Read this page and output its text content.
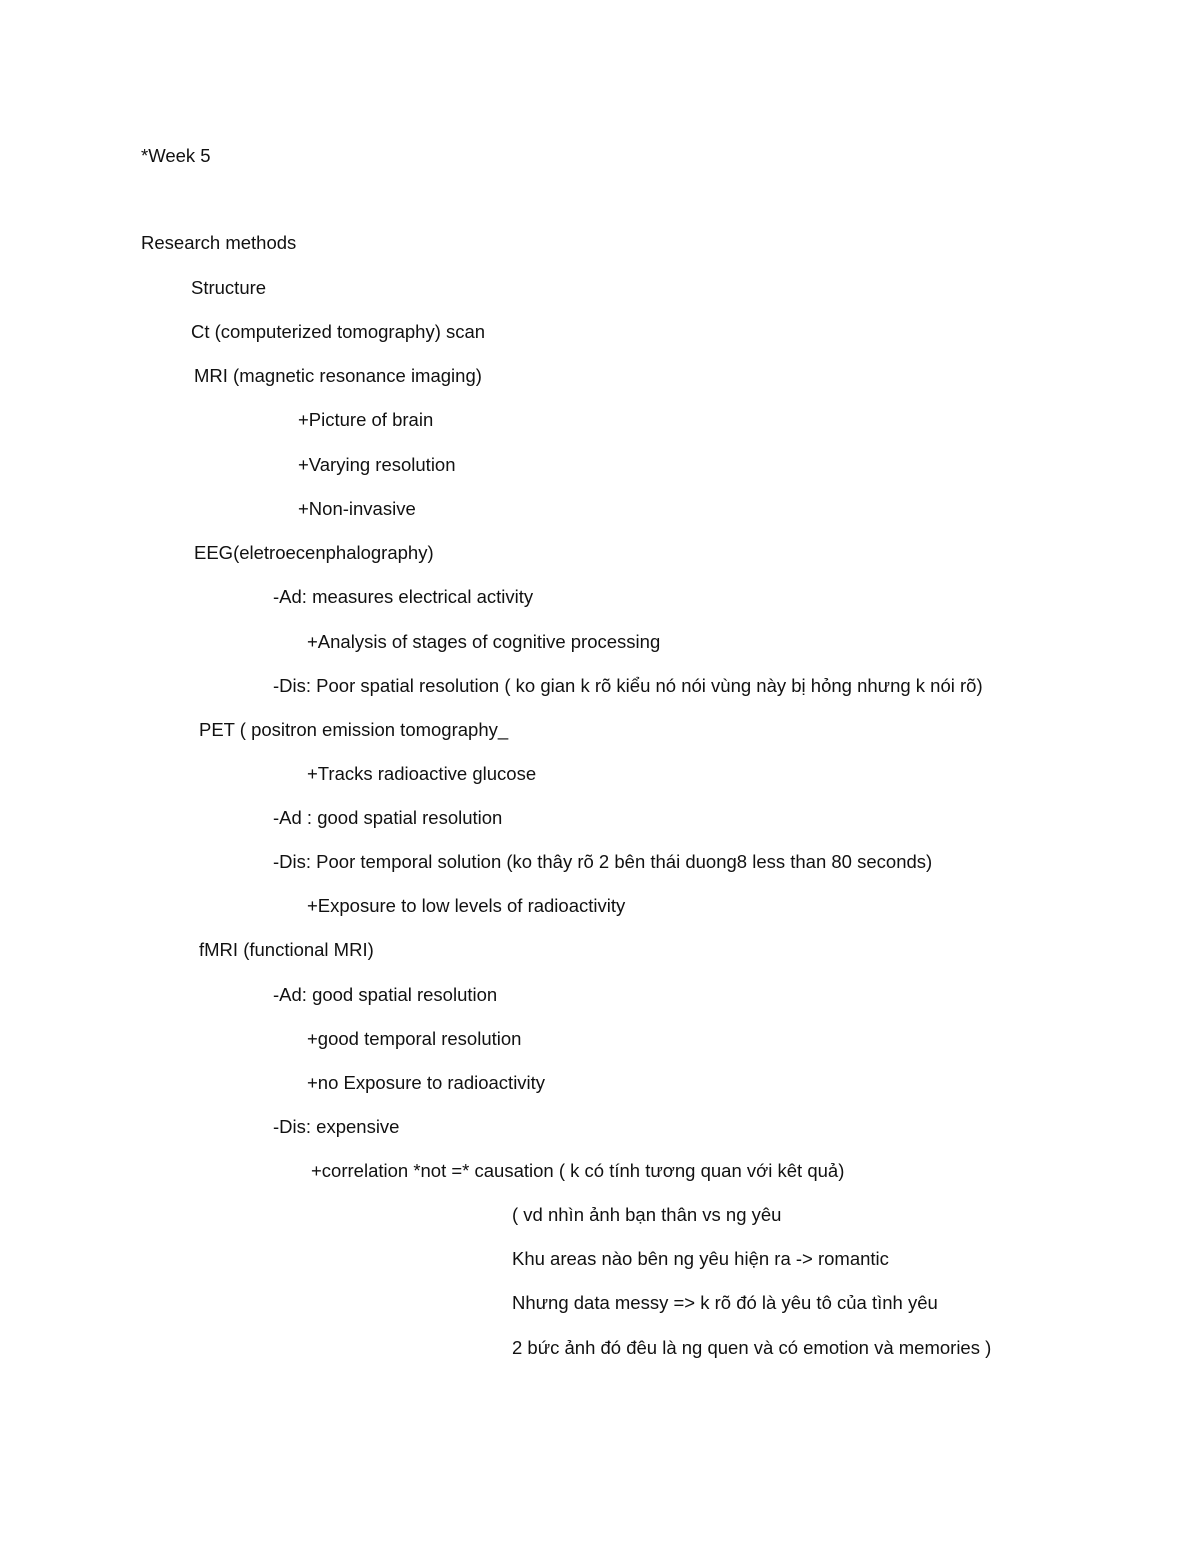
*Week 5
Research methods
Structure
Ct (computerized tomography) scan
MRI (magnetic resonance imaging)
+Picture of brain
+Varying resolution
+Non-invasive
EEG(eletroecenphalography)
-Ad: measures electrical activity
+Analysis of stages of cognitive processing
-Dis: Poor spatial resolution ( ko gian k rõ kiểu nó nói vùng này bị hỏng nhưng k nói rõ)
PET ( positron emission tomography_
+Tracks radioactive glucose
-Ad : good spatial resolution
-Dis: Poor temporal solution (ko thây rõ 2 bên thái duong8 less than 80 seconds)
+Exposure to low levels of radioactivity
fMRI (functional MRI)
-Ad: good spatial resolution
+good temporal resolution
+no Exposure to radioactivity
-Dis: expensive
+correlation *not =* causation ( k có tính tương quan với kêt quả)
( vd nhìn ảnh bạn thân vs ng yêu
Khu areas nào bên ng yêu hiện ra -> romantic
Nhưng data messy => k rõ đó là yêu tô của tình yêu
2 bức ảnh đó đêu là ng quen và có emotion và memories )
